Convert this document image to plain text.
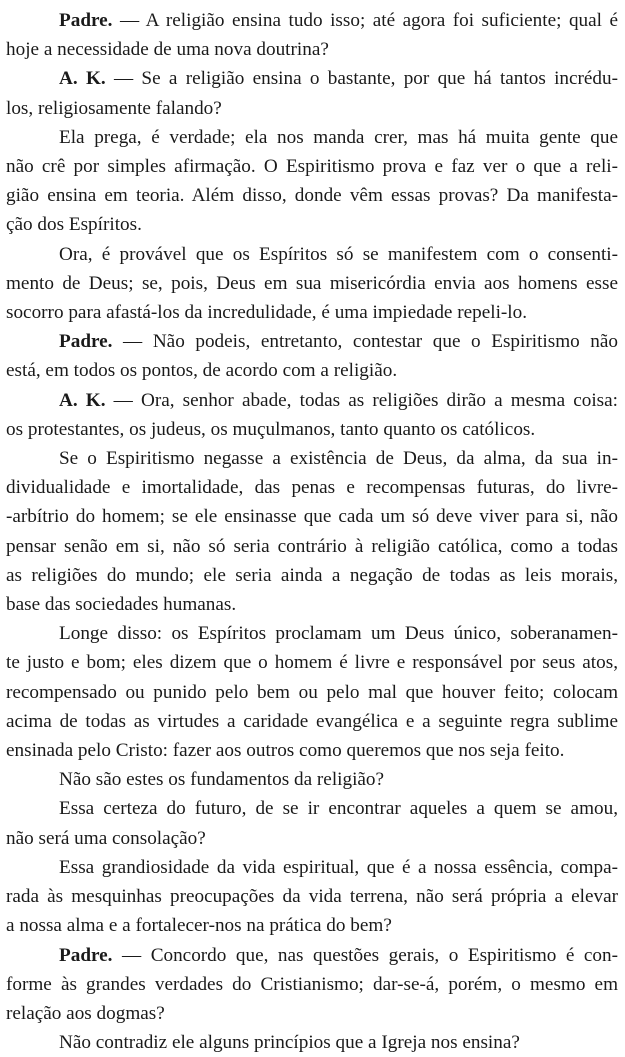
Padre. — A religião ensina tudo isso; até agora foi suficiente; qual é
hoje a necessidade de uma nova doutrina?
A. K. — Se a religião ensina o bastante, por que há tantos incrédu-
los, religiosamente falando?
Ela prega, é verdade; ela nos manda crer, mas há muita gente que
não crê por simples afirmação. O Espiritismo prova e faz ver o que a reli-
gião ensina em teoria. Além disso, donde vêm essas provas? Da manifesta-
ção dos Espíritos.
Ora, é provável que os Espíritos só se manifestem com o consenti-
mento de Deus; se, pois, Deus em sua misericórdia envia aos homens esse
socorro para afastá-los da incredulidade, é uma impiedade repeli-lo.
Padre. — Não podeis, entretanto, contestar que o Espiritismo não
está, em todos os pontos, de acordo com a religião.
A. K. — Ora, senhor abade, todas as religiões dirão a mesma coisa:
os protestantes, os judeus, os muçulmanos, tanto quanto os católicos.
Se o Espiritismo negasse a existência de Deus, da alma, da sua in-
dividualidade e imortalidade, das penas e recompensas futuras, do livre-
-arbítrio do homem; se ele ensinasse que cada um só deve viver para si, não
pensar senão em si, não só seria contrário à religião católica, como a todas
as religiões do mundo; ele seria ainda a negação de todas as leis morais,
base das sociedades humanas.
Longe disso: os Espíritos proclamam um Deus único, soberanamen-
te justo e bom; eles dizem que o homem é livre e responsável por seus atos,
recompensado ou punido pelo bem ou pelo mal que houver feito; colocam
acima de todas as virtudes a caridade evangélica e a seguinte regra sublime
ensinada pelo Cristo: fazer aos outros como queremos que nos seja feito.
Não são estes os fundamentos da religião?
Essa certeza do futuro, de se ir encontrar aqueles a quem se amou,
não será uma consolação?
Essa grandiosidade da vida espiritual, que é a nossa essência, compa-
rada às mesquinhas preocupações da vida terrena, não será própria a elevar
a nossa alma e a fortalecer-nos na prática do bem?
Padre. — Concordo que, nas questões gerais, o Espiritismo é con-
forme às grandes verdades do Cristianismo; dar-se-á, porém, o mesmo em
relação aos dogmas?
Não contradiz ele alguns princípios que a Igreja nos ensina?
